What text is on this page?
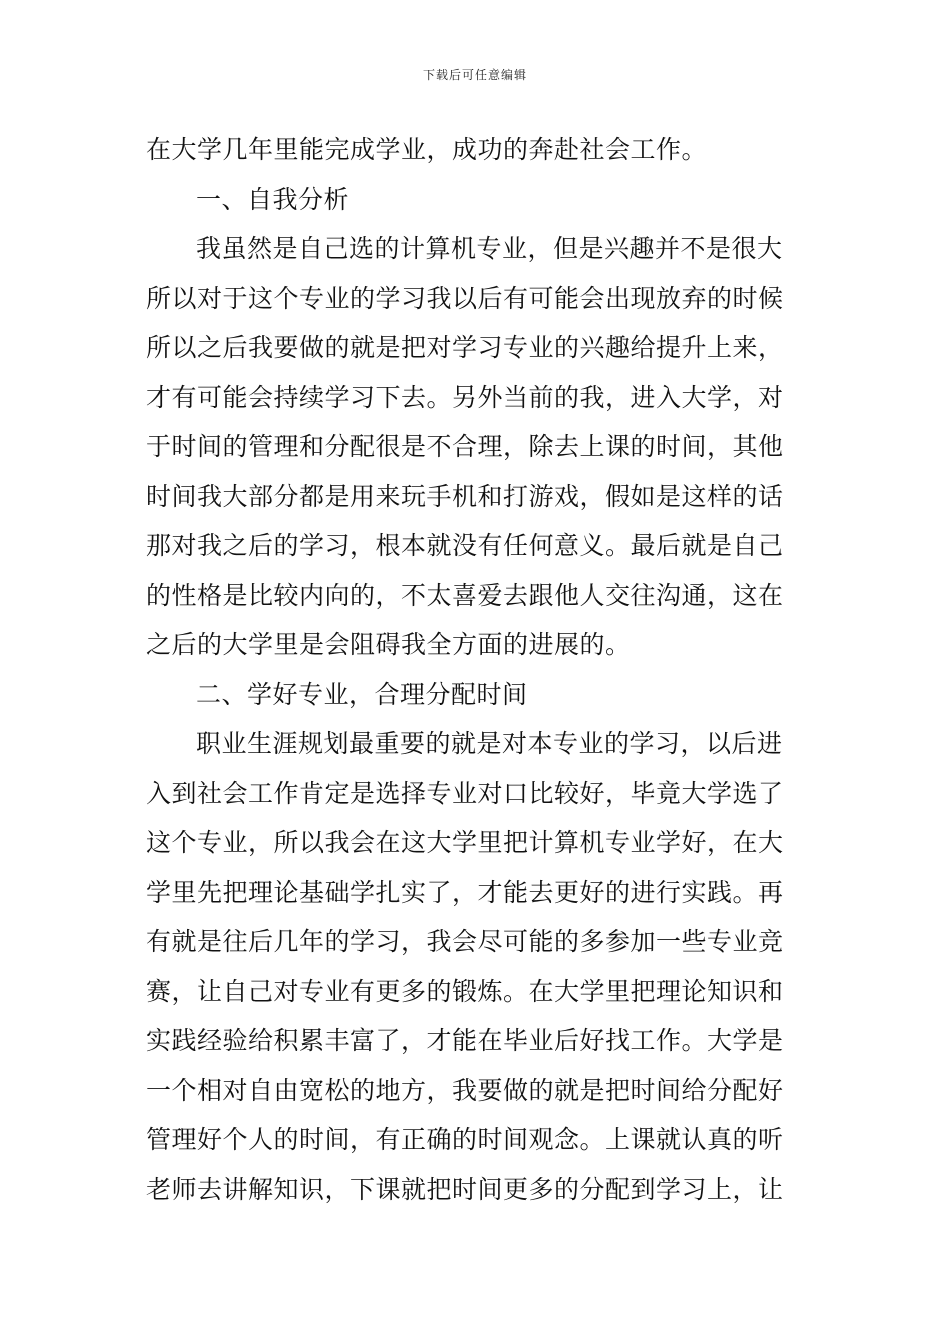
下载后可任意编辑
在大学几年里能完成学业，成功的奔赴社会工作。
一、自我分析
我虽然是自己选的计算机专业，但是兴趣并不是很大
所以对于这个专业的学习我以后有可能会出现放弃的时候
所以之后我要做的就是把对学习专业的兴趣给提升上来，
才有可能会持续学习下去。另外当前的我，进入大学，对
于时间的管理和分配很是不合理，除去上课的时间，其他
时间我大部分都是用来玩手机和打游戏，假如是这样的话
那对我之后的学习，根本就没有任何意义。最后就是自己
的性格是比较内向的，不太喜爱去跟他人交往沟通，这在
之后的大学里是会阻碍我全方面的进展的。
二、学好专业，合理分配时间
职业生涯规划最重要的就是对本专业的学习，以后进
入到社会工作肯定是选择专业对口比较好，毕竟大学选了
这个专业，所以我会在这大学里把计算机专业学好，在大
学里先把理论基础学扎实了，才能去更好的进行实践。再
有就是往后几年的学习，我会尽可能的多参加一些专业竞
赛，让自己对专业有更多的锻炼。在大学里把理论知识和
实践经验给积累丰富了，才能在毕业后好找工作。大学是
一个相对自由宽松的地方，我要做的就是把时间给分配好
管理好个人的时间，有正确的时间观念。上课就认真的听
老师去讲解知识，下课就把时间更多的分配到学习上，让
